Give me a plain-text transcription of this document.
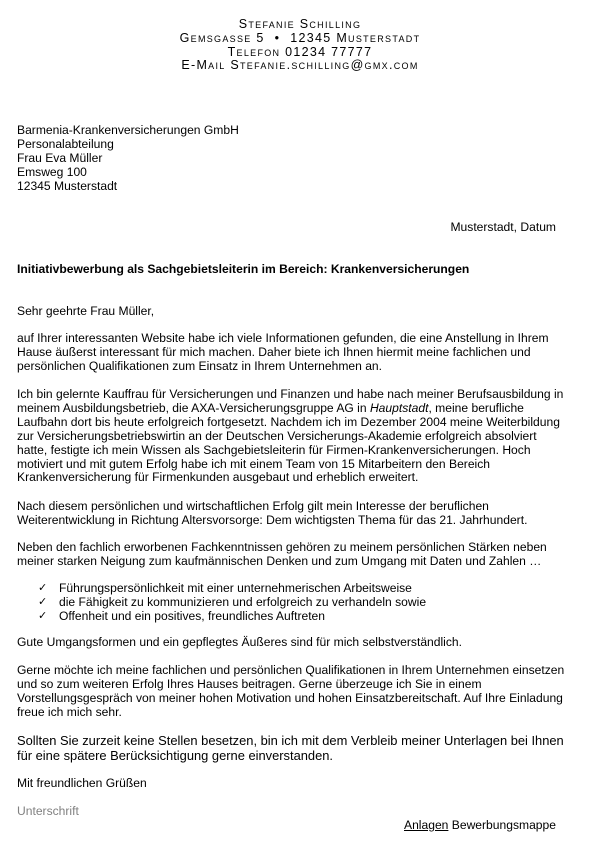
Stefanie Schilling
Gemsgasse 5 • 12345 Musterstadt
Telefon 01234 77777
E-Mail Stefanie.schilling@gmx.com
Barmenia-Krankenversicherungen GmbH
Personalabteilung
Frau Eva Müller
Emsweg 100
12345 Musterstadt
Musterstadt, Datum
Initiativbewerbung als Sachgebietsleiterin im Bereich: Krankenversicherungen
Sehr geehrte Frau Müller,

auf Ihrer interessanten Website habe ich viele Informationen gefunden, die eine Anstellung in Ihrem Hause äußerst interessant für mich machen. Daher biete ich Ihnen hiermit meine fachlichen und persönlichen Qualifikationen zum Einsatz in Ihrem Unternehmen an.

Ich bin gelernte Kauffrau für Versicherungen und Finanzen und habe nach meiner Berufsausbildung in meinem Ausbildungsbetrieb, die AXA-Versicherungsgruppe AG in Hauptstadt, meine berufliche Laufbahn dort bis heute erfolgreich fortgesetzt. Nachdem ich im Dezember 2004 meine Weiterbildung zur Versicherungsbetriebswirtin an der Deutschen Versicherungs-Akademie erfolgreich absolviert hatte, festigte ich mein Wissen als Sachgebietsleiterin für Firmen-Krankenversicherungen. Hoch motiviert und mit gutem Erfolg habe ich mit einem Team von 15 Mitarbeitern den Bereich Krankenversicherung für Firmenkunden ausgebaut und erheblich erweitert.

Nach diesem persönlichen und wirtschaftlichen Erfolg gilt mein Interesse der beruflichen Weiterentwicklung in Richtung Altersvorsorge: Dem wichtigsten Thema für das 21. Jahrhundert.

Neben den fachlich erworbenen Fachkenntnissen gehören zu meinem persönlichen Stärken neben meiner starken Neigung zum kaufmännischen Denken und zum Umgang mit Daten und Zahlen …

✓ Führungspersönlichkeit mit einer unternehmerischen Arbeitsweise
✓ die Fähigkeit zu kommunizieren und erfolgreich zu verhandeln sowie
✓ Offenheit und ein positives, freundliches Auftreten

Gute Umgangsformen und ein gepflegtes Äußeres sind für mich selbstverständlich.

Gerne möchte ich meine fachlichen und persönlichen Qualifikationen in Ihrem Unternehmen einsetzen und so zum weiteren Erfolg Ihres Hauses beitragen. Gerne überzeuge ich Sie in einem Vorstellungsgespräch von meiner hohen Motivation und hohen Einsatzbereitschaft. Auf Ihre Einladung freue ich mich sehr.

Sollten Sie zurzeit keine Stellen besetzen, bin ich mit dem Verbleib meiner Unterlagen bei Ihnen für eine spätere Berücksichtigung gerne einverstanden.

Mit freundlichen Grüßen
Unterschrift
Anlagen Bewerbungsmappe
